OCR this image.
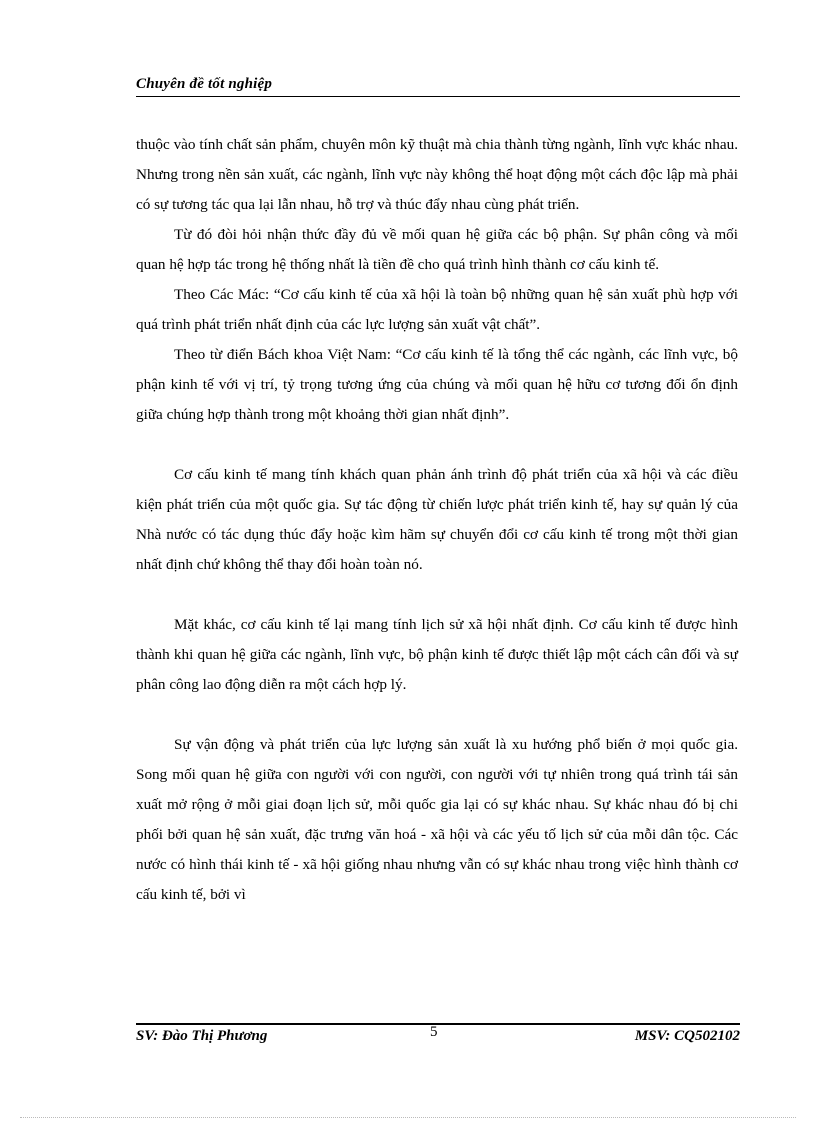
Chuyên đề tốt nghiệp

thuộc vào tính chất sản phẩm, chuyên môn kỹ thuật mà chia thành từng ngành, lĩnh vực khác nhau. Nhưng trong nền sản xuất, các ngành, lĩnh vực này không thể hoạt động một cách độc lập mà phải có sự tương tác qua lại lẫn nhau, hỗ trợ và thúc đẩy nhau cùng phát triển.

Từ đó đòi hỏi nhận thức đầy đủ về mối quan hệ giữa các bộ phận. Sự phân công và mối quan hệ hợp tác trong hệ thống nhất là tiền đề cho quá trình hình thành cơ cấu kinh tế.

Theo Các Mác: “Cơ cấu kinh tế của xã hội là toàn bộ những quan hệ sản xuất phù hợp với quá trình phát triển nhất định của các lực lượng sản xuất vật chất”.

Theo từ điển Bách khoa Việt Nam: “Cơ cấu kinh tế là tổng thể các ngành, các lĩnh vực, bộ phận kinh tế với vị trí, tỷ trọng tương ứng của chúng và mối quan hệ hữu cơ tương đối ổn định giữa chúng hợp thành trong một khoảng thời gian nhất định”.

Cơ cấu kinh tế mang tính khách quan phản ánh trình độ phát triển của xã hội và các điều kiện phát triển của một quốc gia. Sự tác động từ chiến lược phát triển kinh tế, hay sự quản lý của Nhà nước có tác dụng thúc đẩy hoặc kìm hãm sự chuyển đổi cơ cấu kinh tế trong một thời gian nhất định chứ không thể thay đổi hoàn toàn nó.

Mặt khác, cơ cấu kinh tế lại mang tính lịch sử xã hội nhất định. Cơ cấu kinh tế được hình thành khi quan hệ giữa các ngành, lĩnh vực, bộ phận kinh tế được thiết lập một cách cân đối và sự phân công lao động diễn ra một cách hợp lý.

Sự vận động và phát triển của lực lượng sản xuất là xu hướng phổ biến ở mọi quốc gia. Song mối quan hệ giữa con người với con người, con người với tự nhiên trong quá trình tái sản xuất mở rộng ở mỗi giai đoạn lịch sử, mỗi quốc gia lại có sự khác nhau. Sự khác nhau đó bị chi phối bởi quan hệ sản xuất, đặc trưng văn hoá - xã hội và các yếu tố lịch sử của mỗi dân tộc. Các nước có hình thái kinh tế - xã hội giống nhau nhưng vẫn có sự khác nhau trong việc hình thành cơ cấu kinh tế, bởi vì

SV: Đào Thị Phương	5	MSV: CQ502102
